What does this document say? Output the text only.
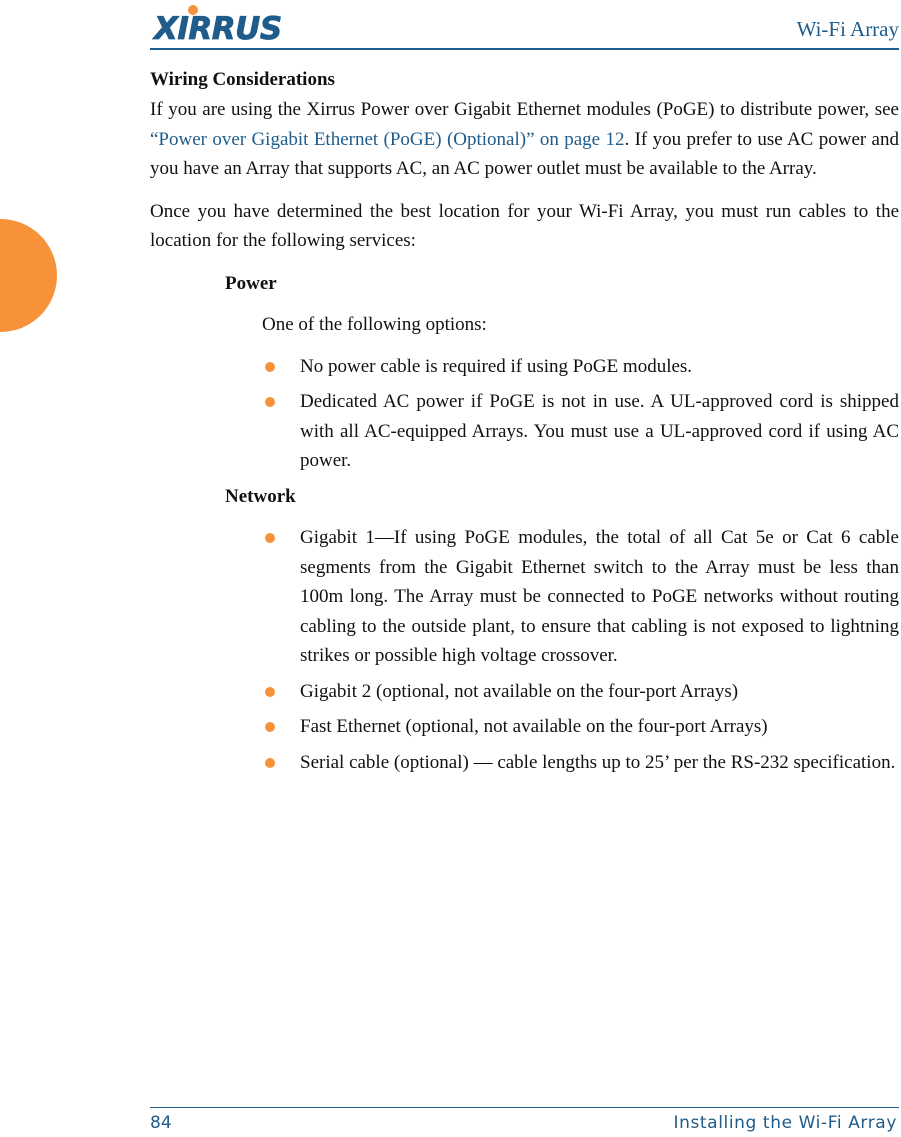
XIRRUS	Wi-Fi Array
Wiring Considerations

If you are using the Xirrus Power over Gigabit Ethernet modules (PoGE) to distribute power, see “Power over Gigabit Ethernet (PoGE) (Optional)” on page 12. If you prefer to use AC power and you have an Array that supports AC, an AC power outlet must be available to the Array.

Once you have determined the best location for your Wi-Fi Array, you must run cables to the location for the following services:

Power
One of the following options:
No power cable is required if using PoGE modules.
Dedicated AC power if PoGE is not in use. A UL-approved cord is shipped with all AC-equipped Arrays. You must use a UL-approved cord if using AC power.
Network
Gigabit 1—If using PoGE modules, the total of all Cat 5e or Cat 6 cable segments from the Gigabit Ethernet switch to the Array must be less than 100m long. The Array must be connected to PoGE networks without routing cabling to the outside plant, to ensure that cabling is not exposed to lightning strikes or possible high voltage crossover.
Gigabit 2 (optional, not available on the four-port Arrays)
Fast Ethernet (optional, not available on the four-port Arrays)
Serial cable (optional) — cable lengths up to 25’ per the RS-232 specification.
84	Installing the Wi-Fi Array
